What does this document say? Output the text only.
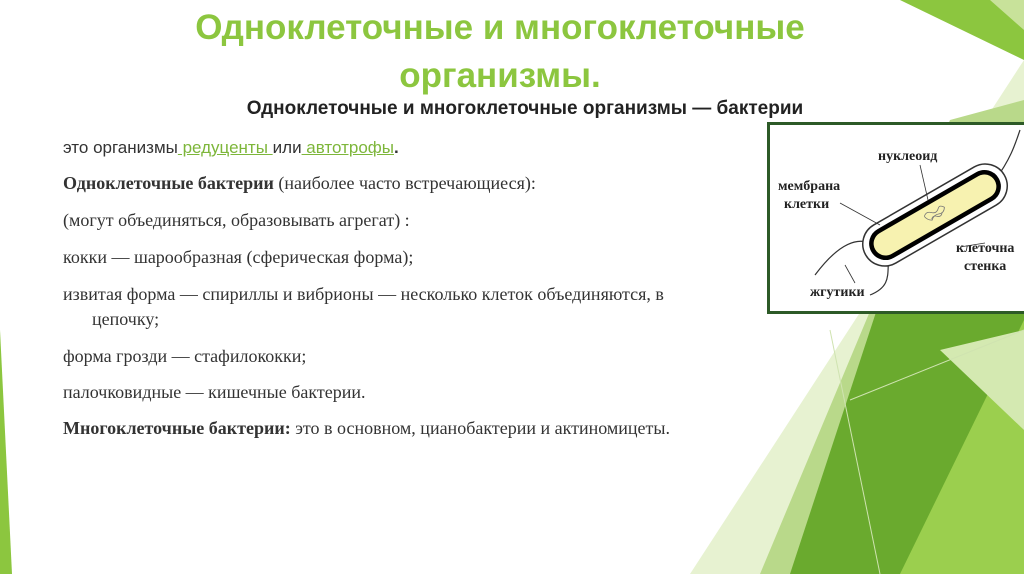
Одноклеточные и многоклеточные
организмы.
Одноклеточные и многоклеточные организмы — бактерии

это организмы редуценты или автотрофы.

Одноклеточные бактерии (наиболее часто встречающиеся):

(могут объединяться, образовывать агрегат) :

кокки — шарообразная (сферическая форма);

извитая форма — спириллы и вибрионы — несколько клеток объединяются, в

цепочку;

форма грозди — стафилококки;

палочковидные — кишечные бактерии.

Многоклеточные бактерии: это в основном, цианобактерии и актиномицеты.

нуклеоид
мембрана
клетки
клеточна
стенка
жгутики
